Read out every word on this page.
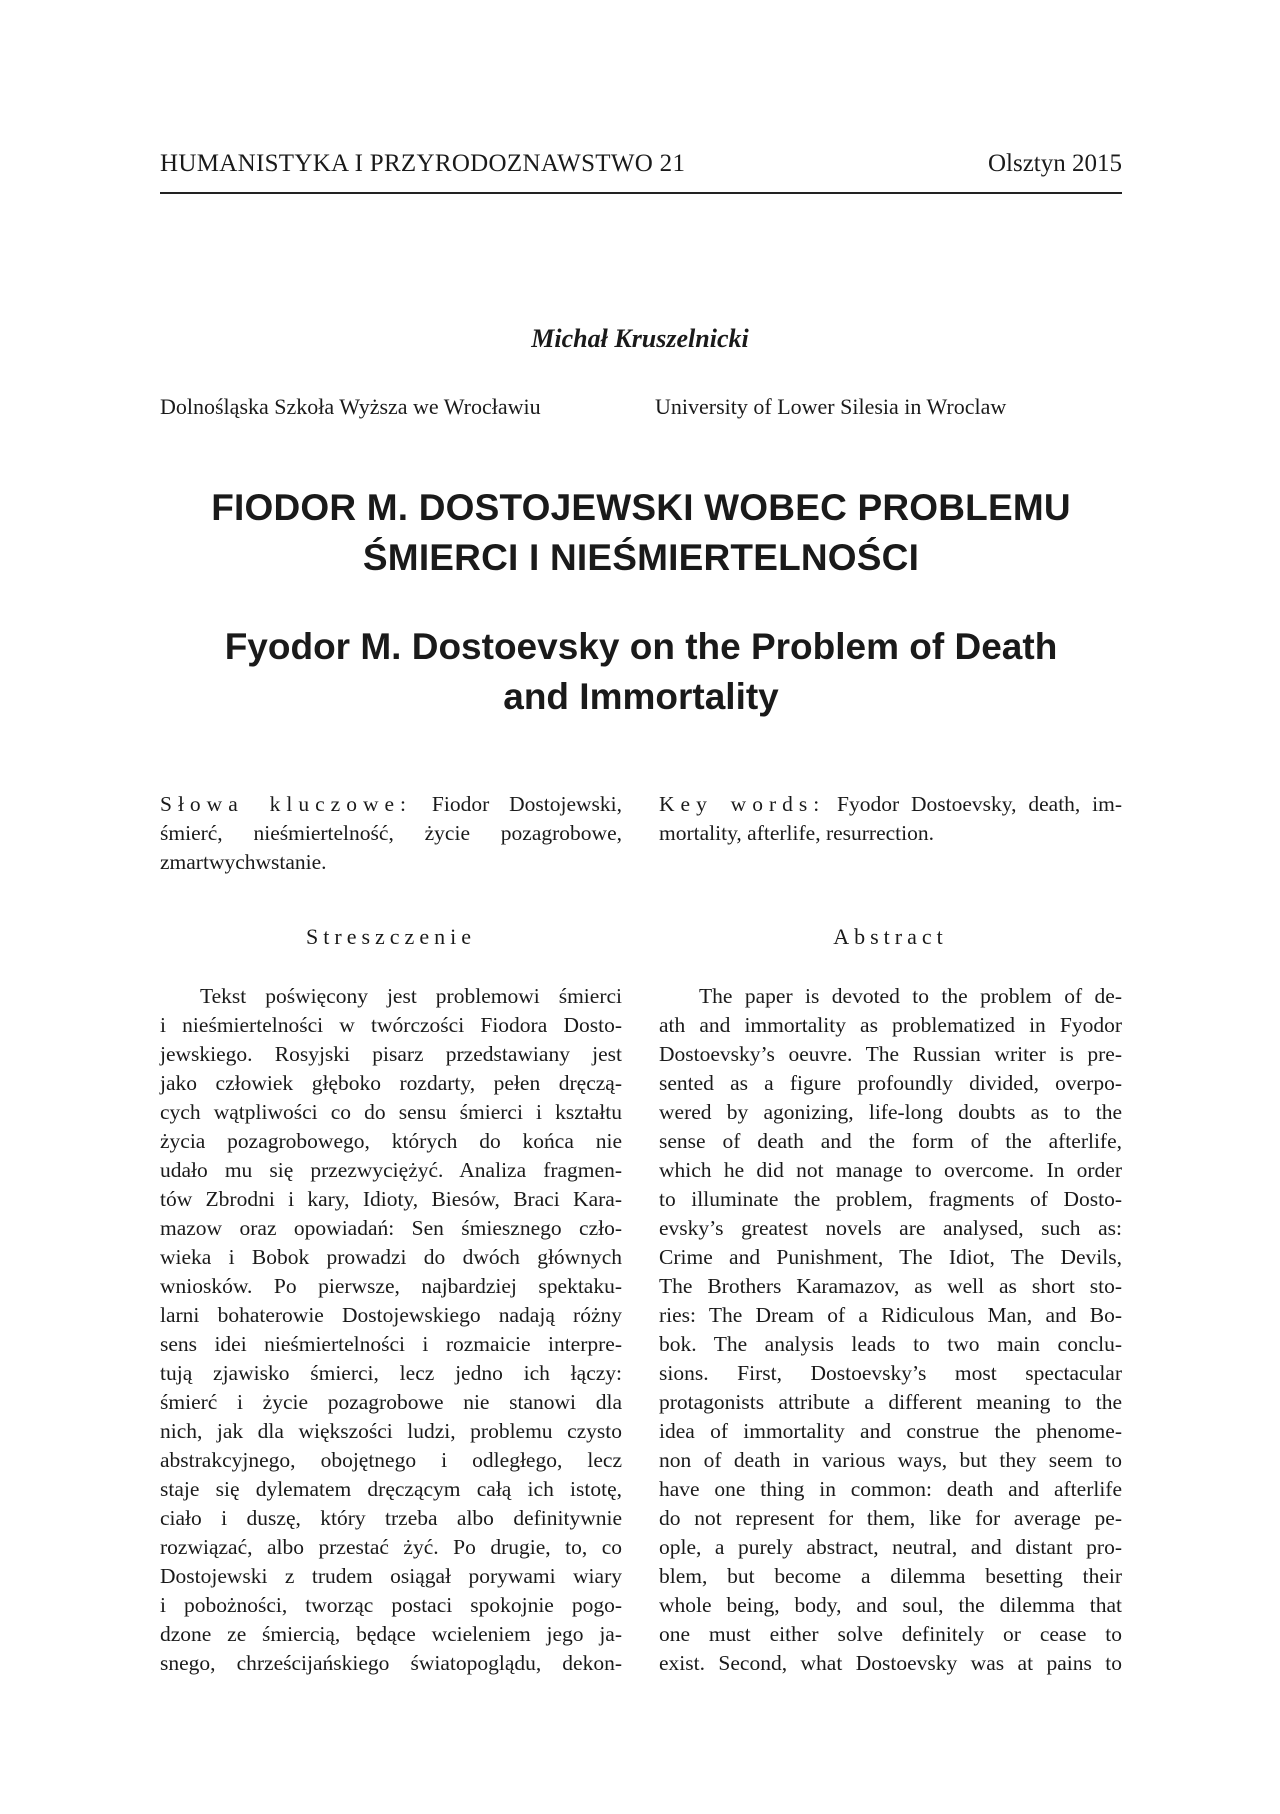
HUMANISTYKA I PRZYRODOZNAWSTWO 21	Olsztyn 2015
Michał Kruszelnicki
Dolnośląska Szkoła Wyższa we Wrocławiu	University of Lower Silesia in Wroclaw
FIODOR M. DOSTOJEWSKI WOBEC PROBLEMU
ŚMIERCI I NIEŚMIERTELNOŚCI
Fyodor M. Dostoevsky on the Problem of Death
and Immortality
Słowa kluczowe: Fiodor Dostojewski,
śmierć, nieśmiertelność, życie pozagrobowe,
zmartwychwstanie.
Key words: Fyodor Dostoevsky, death, im-
mortality, afterlife, resurrection.
Streszczenie	Abstract
Tekst poświęcony jest problemowi śmierci
i nieśmiertelności w twórczości Fiodora Dosto-
jewskiego. Rosyjski pisarz przedstawiany jest
jako człowiek głęboko rozdarty, pełen dręczą-
cych wątpliwości co do sensu śmierci i kształtu
życia pozagrobowego, których do końca nie
udało mu się przezwyciężyć. Analiza fragmen-
tów Zbrodni i kary, Idioty, Biesów, Braci Kara-
mazow oraz opowiadań: Sen śmiesznego czło-
wieka i Bobok prowadzi do dwóch głównych
wniosków. Po pierwsze, najbardziej spektaku-
larni bohaterowie Dostojewskiego nadają różny
sens idei nieśmiertelności i rozmaicie interpre-
tują zjawisko śmierci, lecz jedno ich łączy:
śmierć i życie pozagrobowe nie stanowi dla
nich, jak dla większości ludzi, problemu czysto
abstrakcyjnego, obojętnego i odległego, lecz
staje się dylematem dręczącym całą ich istotę,
ciało i duszę, który trzeba albo definitywnie
rozwiązać, albo przestać żyć. Po drugie, to, co
Dostojewski z trudem osiągał porywami wiary
i pobożności, tworząc postaci spokojnie pogo-
dzone ze śmiercią, będące wcieleniem jego ja-
snego, chrześcijańskiego światopoglądu, dekon-
The paper is devoted to the problem of de-
ath and immortality as problematized in Fyodor
Dostoevsky’s oeuvre. The Russian writer is pre-
sented as a figure profoundly divided, overpo-
wered by agonizing, life-long doubts as to the
sense of death and the form of the afterlife,
which he did not manage to overcome. In order
to illuminate the problem, fragments of Dosto-
evsky’s greatest novels are analysed, such as:
Crime and Punishment, The Idiot, The Devils,
The Brothers Karamazov, as well as short sto-
ries: The Dream of a Ridiculous Man, and Bo-
bok. The analysis leads to two main conclu-
sions. First, Dostoevsky’s most spectacular
protagonists attribute a different meaning to the
idea of immortality and construe the phenome-
non of death in various ways, but they seem to
have one thing in common: death and afterlife
do not represent for them, like for average pe-
ople, a purely abstract, neutral, and distant pro-
blem, but become a dilemma besetting their
whole being, body, and soul, the dilemma that
one must either solve definitely or cease to
exist. Second, what Dostoevsky was at pains to
